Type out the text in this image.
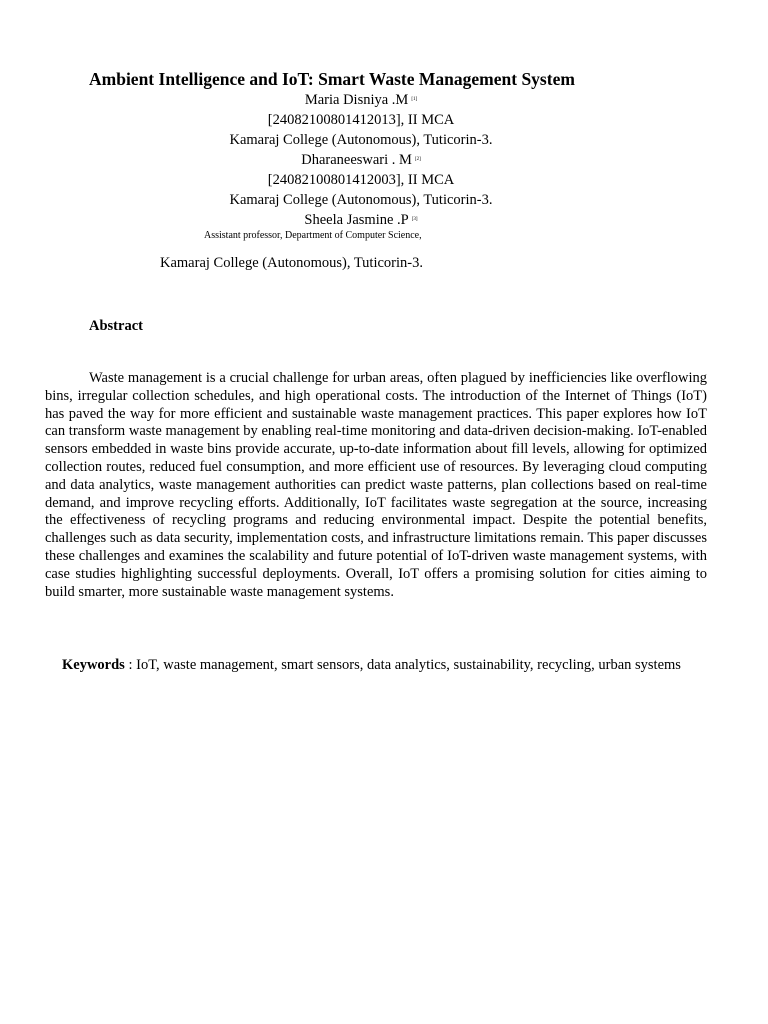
Ambient Intelligence and IoT: Smart Waste Management System
Maria Disniya .M [1]
[24082100801412013], II MCA
Kamaraj College (Autonomous), Tuticorin-3.
Dharaneeswari . M [2]
[24082100801412003], II MCA
Kamaraj College (Autonomous), Tuticorin-3.
Sheela Jasmine .P [3]
Assistant professor, Department of Computer Science,
Kamaraj College (Autonomous), Tuticorin-3.
Abstract
Waste management is a crucial challenge for urban areas, often plagued by inefficiencies like overflowing bins, irregular collection schedules, and high operational costs. The introduction of the Internet of Things (IoT) has paved the way for more efficient and sustainable waste management practices. This paper explores how IoT can transform waste management by enabling real-time monitoring and data-driven decision-making. IoT-enabled sensors embedded in waste bins provide accurate, up-to-date information about fill levels, allowing for optimized collection routes, reduced fuel consumption, and more efficient use of resources. By leveraging cloud computing and data analytics, waste management authorities can predict waste patterns, plan collections based on real-time demand, and improve recycling efforts. Additionally, IoT facilitates waste segregation at the source, increasing the effectiveness of recycling programs and reducing environmental impact. Despite the potential benefits, challenges such as data security, implementation costs, and infrastructure limitations remain. This paper discusses these challenges and examines the scalability and future potential of IoT-driven waste management systems, with case studies highlighting successful deployments. Overall, IoT offers a promising solution for cities aiming to build smarter, more sustainable waste management systems.
Keywords : IoT, waste management, smart sensors, data analytics, sustainability, recycling, urban systems
